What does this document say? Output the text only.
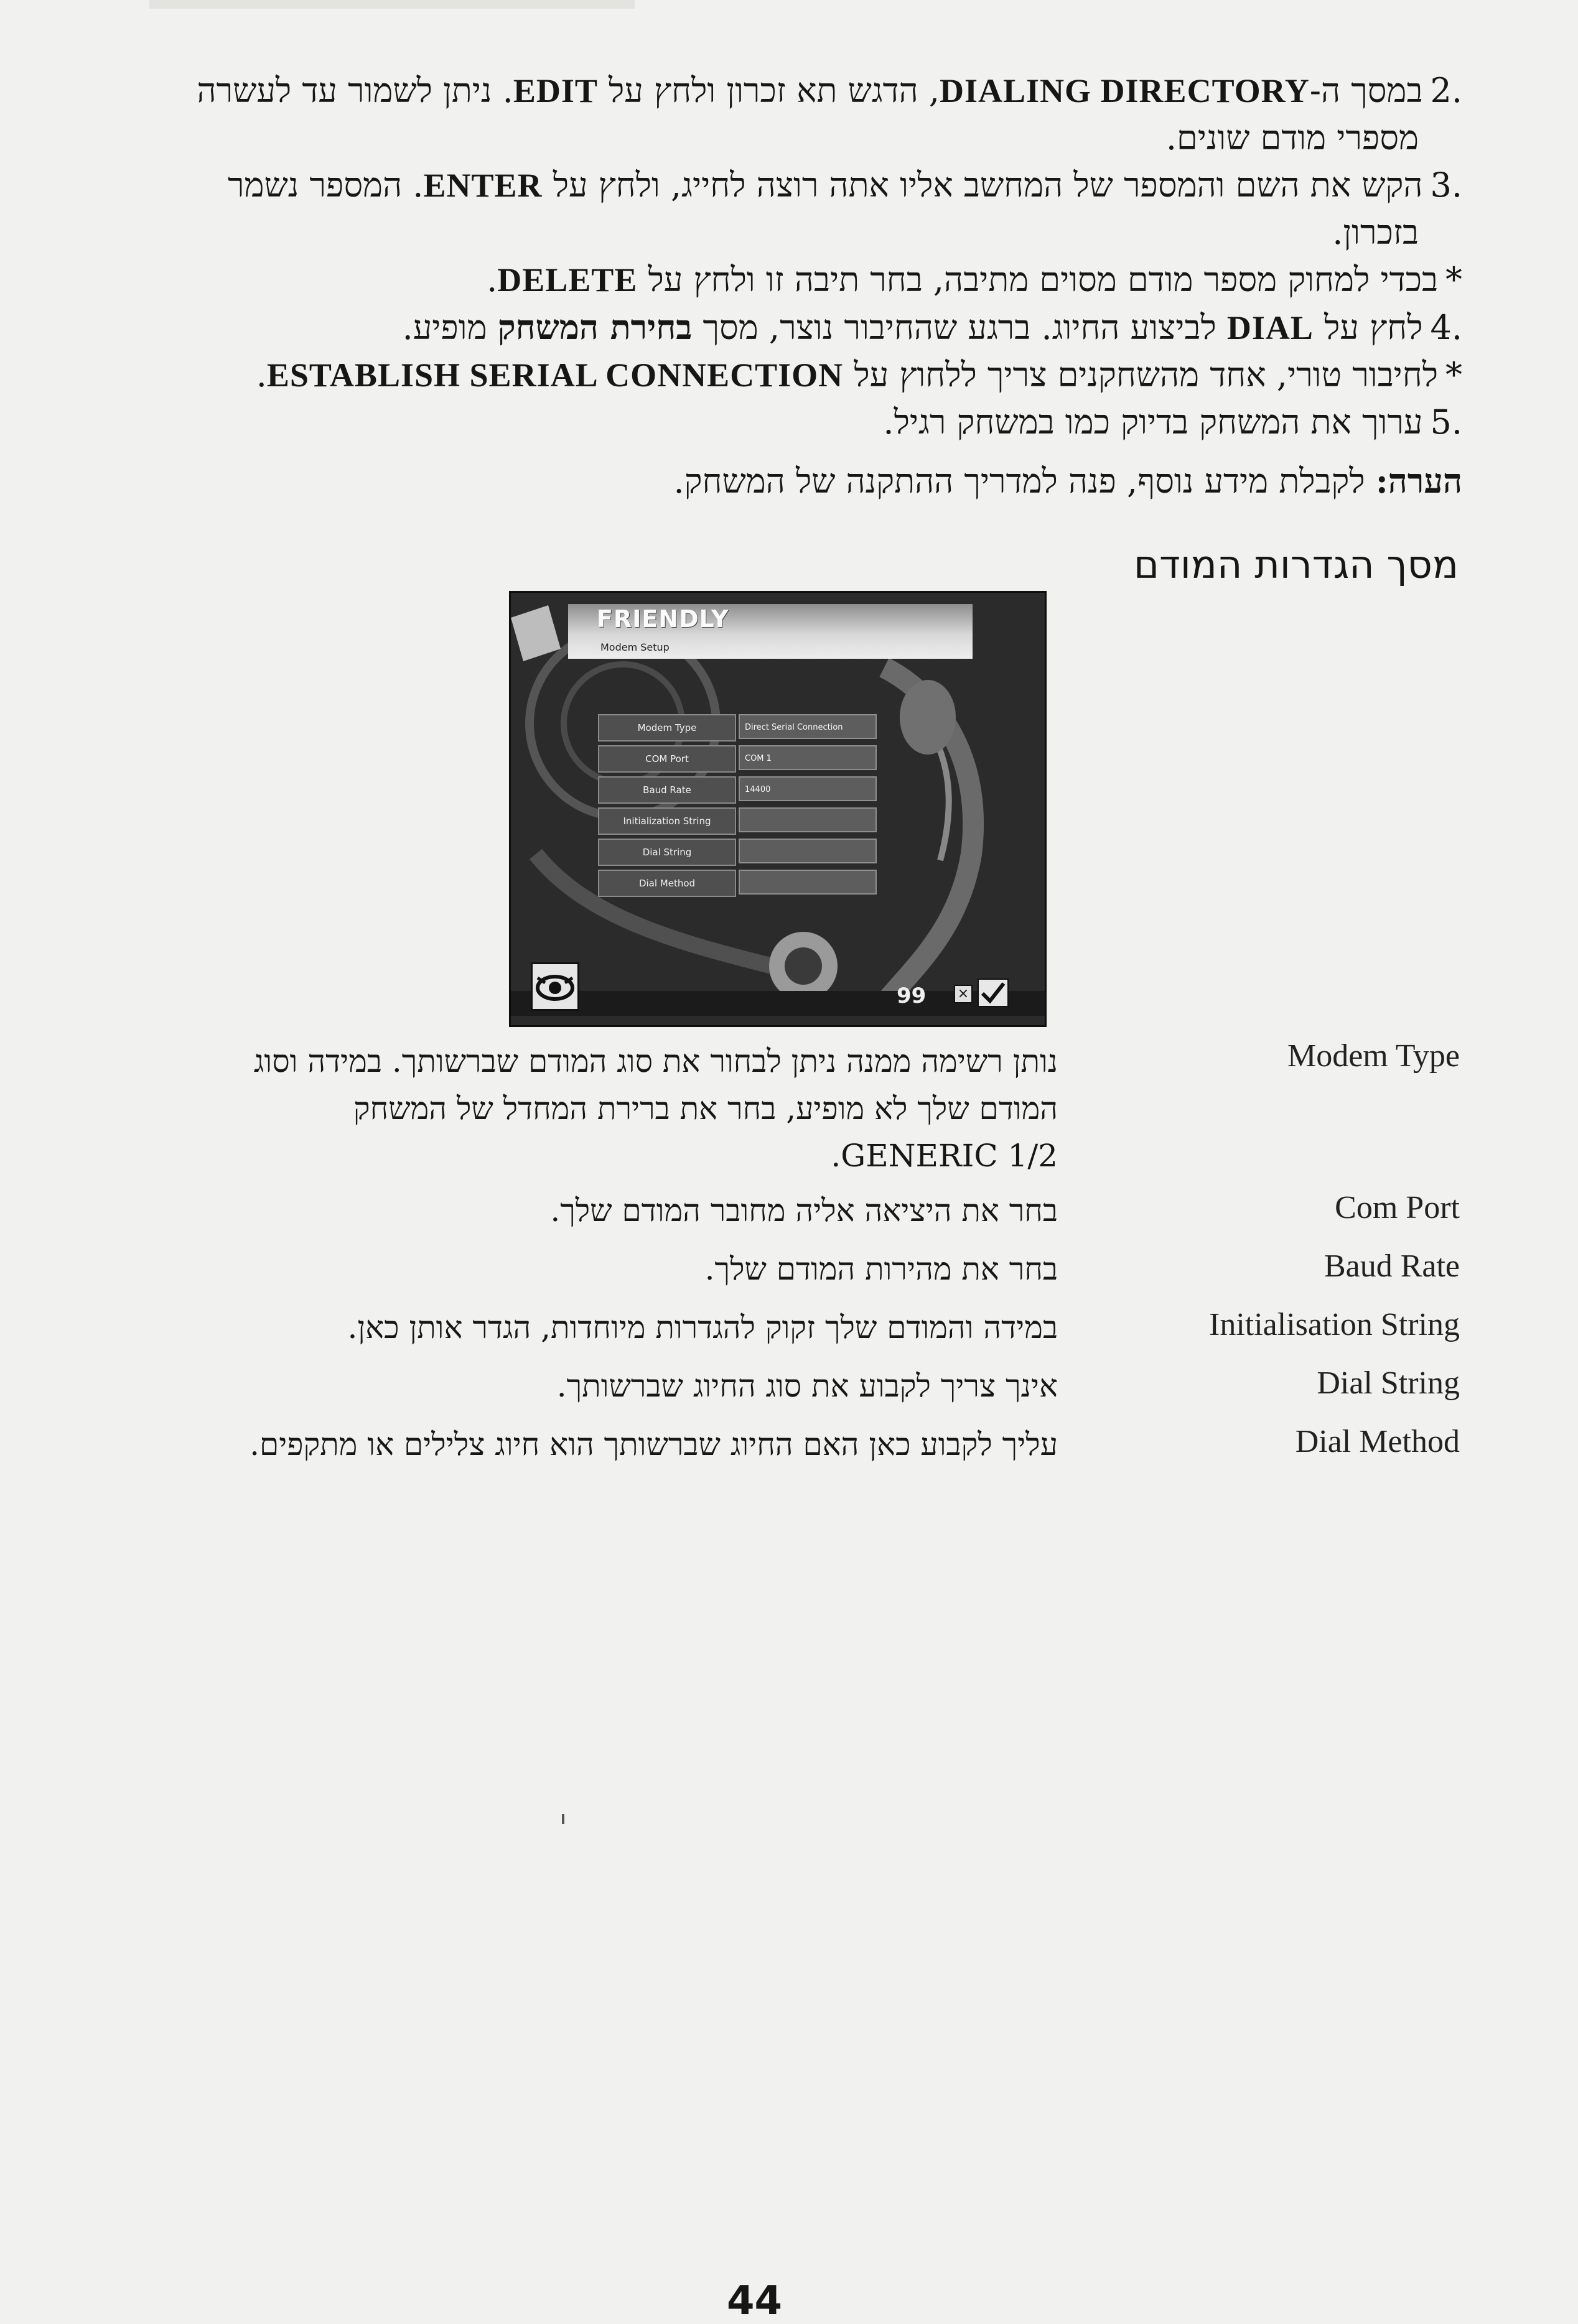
.2במסך ה-DIALING DIRECTORY, הדגש תא זכרון ולחץ על EDIT. ניתן לשמור עד לעשרה

מספרי מודם שונים.

.3הקש את השם והמספר של המחשב אליו אתה רוצה לחייג, ולחץ על ENTER. המספר נשמר

בזכרון.

*בכדי למחוק מספר מודם מסוים מתיבה, בחר תיבה זו ולחץ על DELETE.

.4לחץ על DIAL לביצוע החיוג. ברגע שהחיבור נוצר, מסך בחירת המשחק מופיע.

*לחיבור טורי, אחד מהשחקנים צריך ללחוץ על ESTABLISH SERIAL CONNECTION.

.5ערוך את המשחק בדיוק כמו במשחק רגיל.

הערה: לקבלת מידע נוסף, פנה למדריך ההתקנה של המשחק.

מסך הגדרות המודם
FRIENDLY
Modem Setup
Modem Type	Direct Serial Connection
COM Port	COM 1
Baud Rate	14400
Initialization String
Dial String
Dial Method
99 ×
Modem Type
נותן רשימה ממנה ניתן לבחור את סוג המודם שברשותך. במידה וסוג
המודם שלך לא מופיע, בחר את ברירת המחדל של המשחק
GENERIC 1/2.
Com Port
בחר את היציאה אליה מחובר המודם שלך.
Baud Rate
בחר את מהירות המודם שלך.
Initialisation String
במידה והמודם שלך זקוק להגדרות מיוחדות, הגדר אותן כאן.
Dial String
אינך צריך לקבוע את סוג החיוג שברשותך.
Dial Method
עליך לקבוע כאן האם החיוג שברשותך הוא חיוג צלילים או מתקפים.
44
